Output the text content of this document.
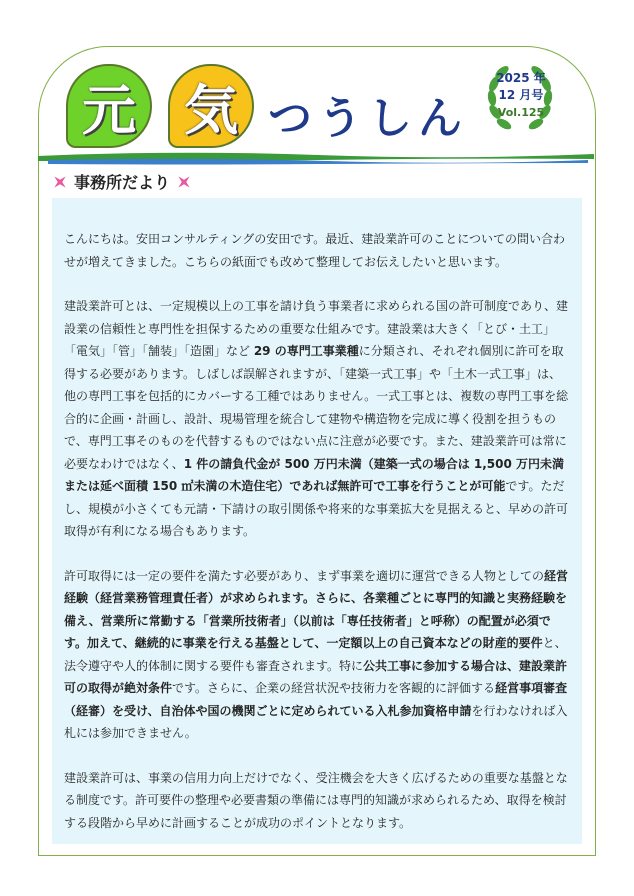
元 気 つうしん
2025 年
12 月号
Vol.125
事務所だより

こんにちは。安田コンサルティングの安田です。最近、建設業許可のことについての問い合わせが増えてきました。こちらの紙面でも改めて整理してお伝えしたいと思います。

建設業許可とは、一定規模以上の工事を請け負う事業者に求められる国の許可制度であり、建設業の信頼性と専門性を担保するための重要な仕組みです。建設業は大きく「とび・土工」「電気」「管」「舗装」「造園」など 29 の専門工事業種に分類され、それぞれ個別に許可を取得する必要があります。しばしば誤解されますが、「建築一式工事」や「土木一式工事」は、他の専門工事を包括的にカバーする工種ではありません。一式工事とは、複数の専門工事を総合的に企画・計画し、設計、現場管理を統合して建物や構造物を完成に導く役割を担うもので、専門工事そのものを代替するものではない点に注意が必要です。また、建設業許可は常に必要なわけではなく、1 件の請負代金が 500 万円未満（建築一式の場合は 1,500 万円未満または延べ面積 150 ㎡未満の木造住宅）であれば無許可で工事を行うことが可能です。ただし、規模が小さくても元請・下請けの取引関係や将来的な事業拡大を見据えると、早めの許可取得が有利になる場合もあります。

許可取得には一定の要件を満たす必要があり、まず事業を適切に運営できる人物としての経営経験（経営業務管理責任者）が求められます。さらに、各業種ごとに専門的知識と実務経験を備え、営業所に常勤する「営業所技術者」（以前は「専任技術者」と呼称）の配置が必須です。加えて、継続的に事業を行える基盤として、一定額以上の自己資本などの財産的要件と、法令遵守や人的体制に関する要件も審査されます。特に公共工事に参加する場合は、建設業許可の取得が絶対条件です。さらに、企業の経営状況や技術力を客観的に評価する経営事項審査（経審）を受け、自治体や国の機関ごとに定められている入札参加資格申請を行わなければ入札には参加できません。

建設業許可は、事業の信用力向上だけでなく、受注機会を大きく広げるための重要な基盤となる制度です。許可要件の整理や必要書類の準備には専門的知識が求められるため、取得を検討する段階から早めに計画することが成功のポイントとなります。
